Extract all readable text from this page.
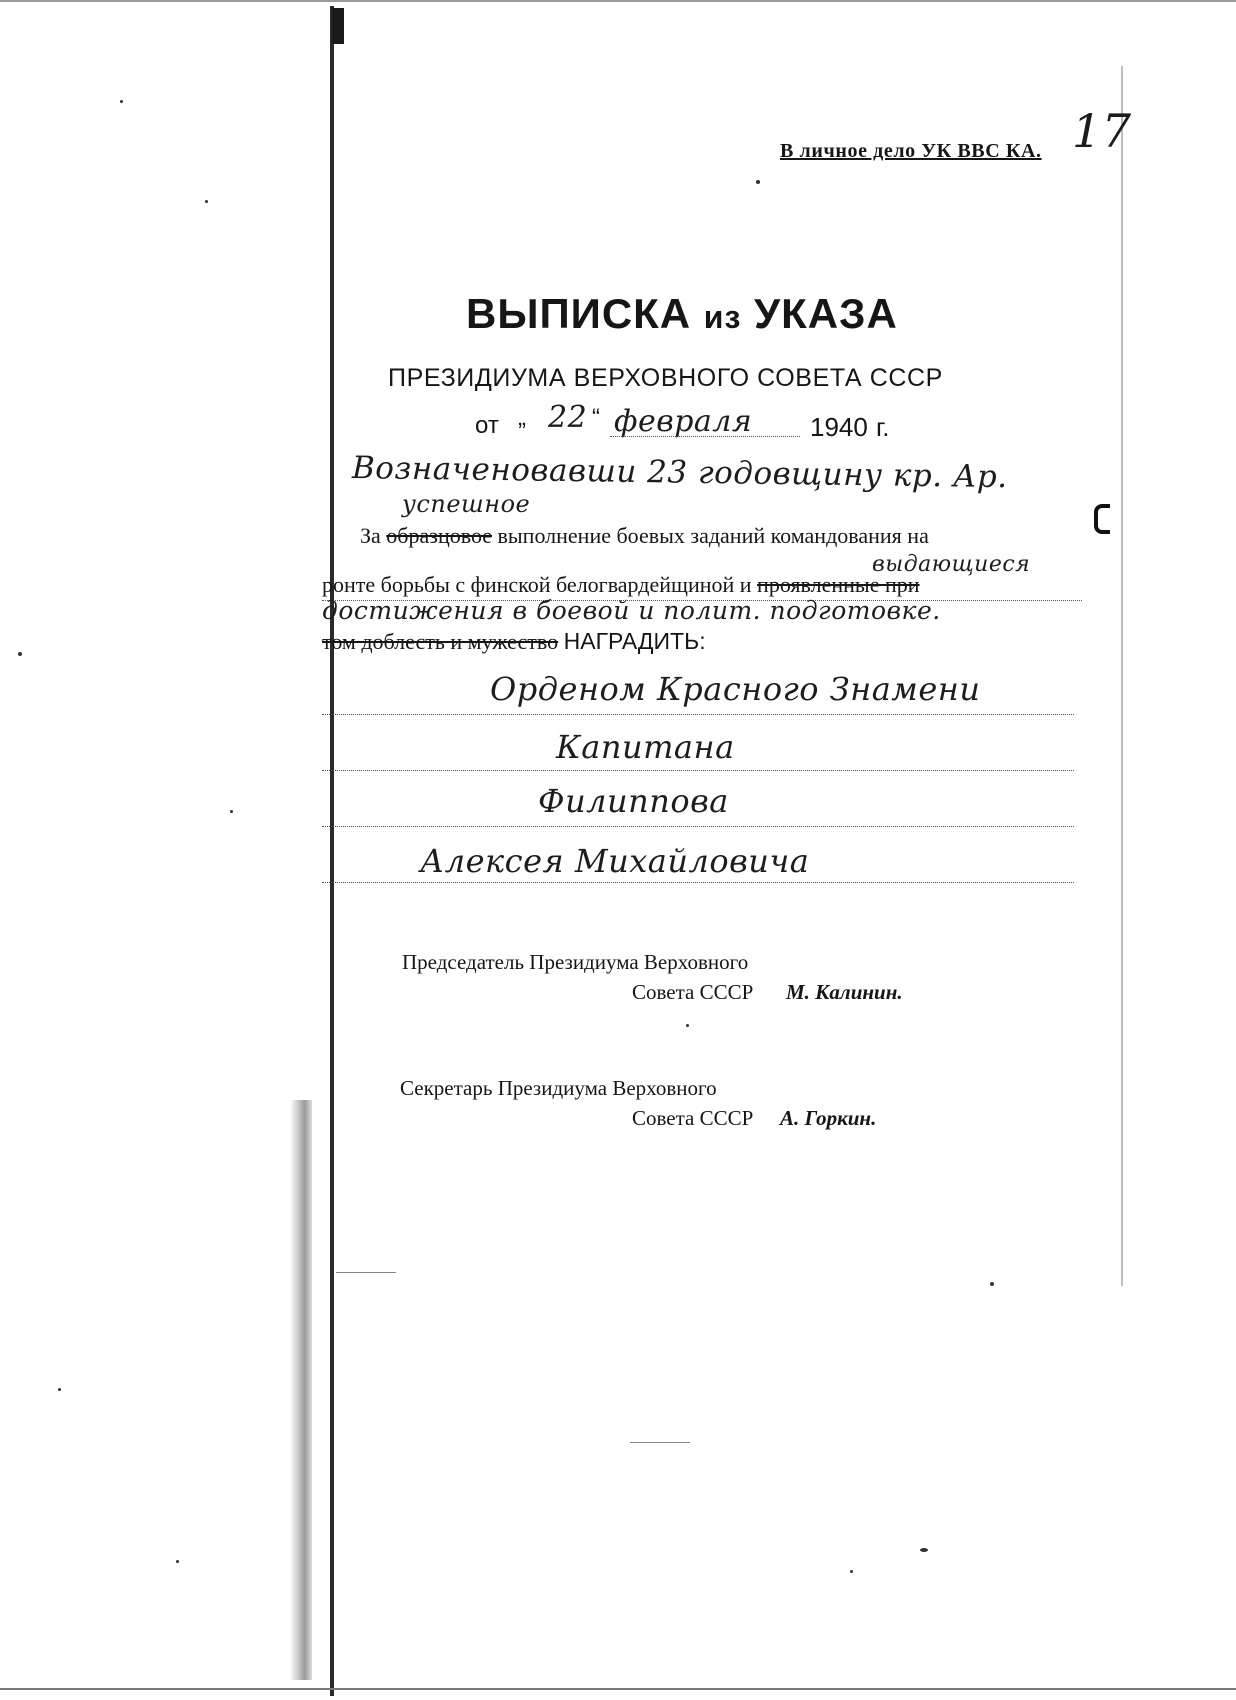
17
В личное дело УК ВВС КА.
ВЫПИСКА из УКАЗА
ПРЕЗИДИУМА ВЕРХОВНОГО СОВЕТА СССР
от „ 22 “ февраля 1940 г.
Возначеновавши 23 годовщину кр. Ар.
успешное
За образцовое выполнение боевых заданий командования на
выдающиеся
ронте борьбы с финской белогвардейщиной и проявленные при
достижения в боевой и полит. подготовке.
том доблесть и мужество НАГРАДИТЬ:
Орденом Красного Знамени
Капитана
Филиппова
Алексея Михайловича
Председатель Президиума Верховного
Совета СССР М. Калинин.
Секретарь Президиума Верховного
Совета СССР А. Горкин.
